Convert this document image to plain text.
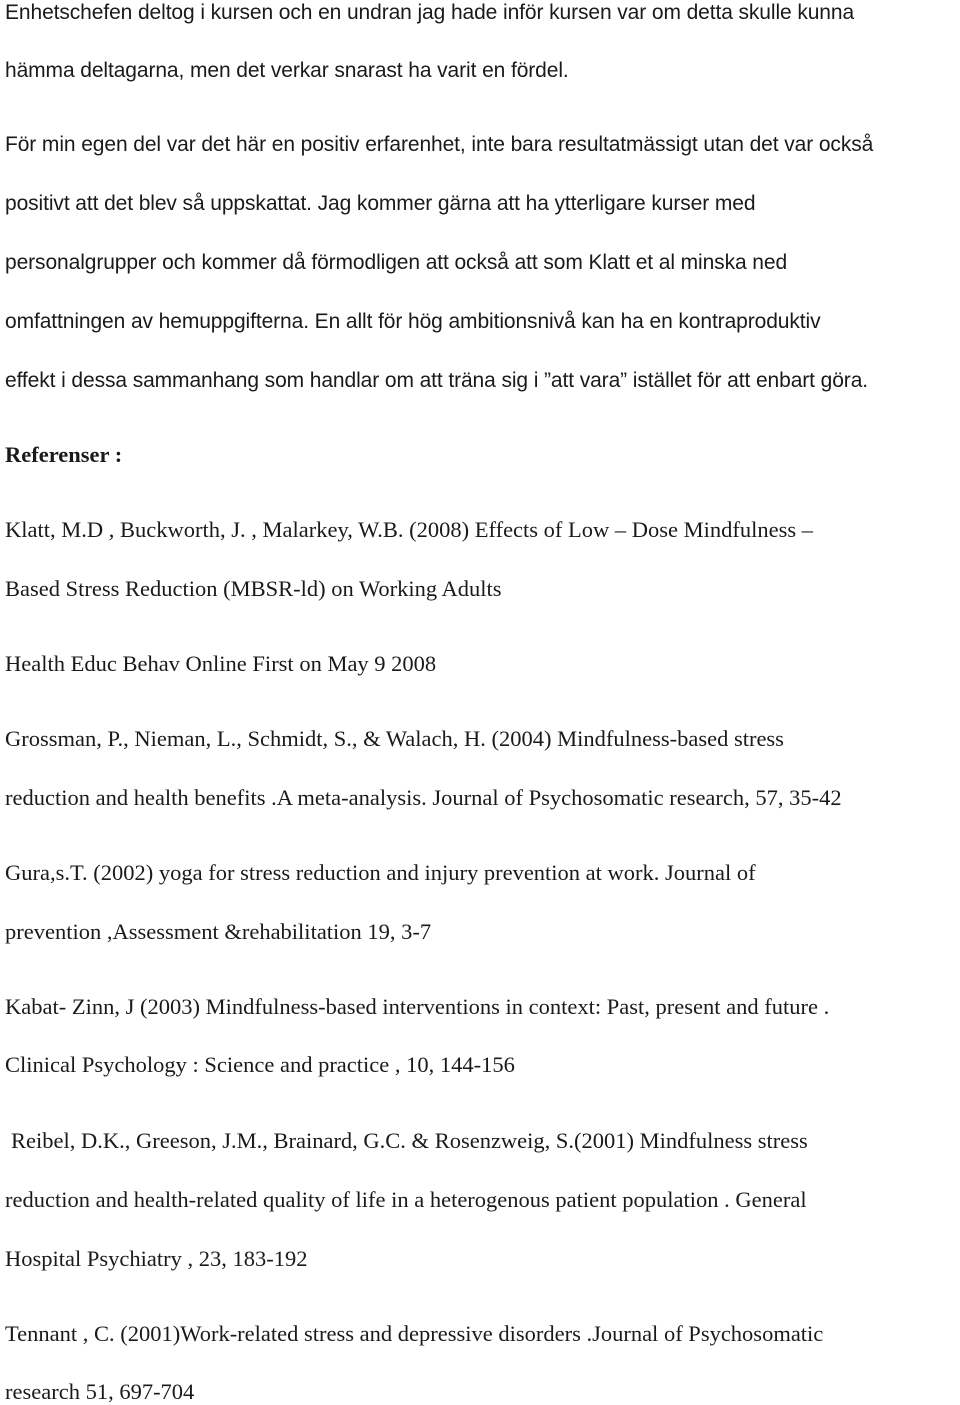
Enhetschefen deltog i kursen och en undran jag hade inför kursen var om detta skulle kunna
hämma deltagarna, men det verkar snarast ha varit en fördel.
För min egen del var det här en positiv erfarenhet, inte bara resultatmässigt utan det var också
positivt att det blev så uppskattat. Jag kommer gärna att ha ytterligare kurser med
personalgrupper och kommer då förmodligen att också att som Klatt et al minska ned
omfattningen av hemuppgifterna. En allt för hög ambitionsnivå kan ha en kontraproduktiv
effekt i dessa sammanhang som handlar om att träna sig i ”att vara” istället för att enbart göra.
Referenser :
Klatt, M.D , Buckworth, J. , Malarkey, W.B. (2008) Effects of Low – Dose Mindfulness –
Based Stress Reduction (MBSR-ld) on Working Adults
Health Educ Behav Online First on May 9 2008
Grossman, P., Nieman, L., Schmidt, S., & Walach, H. (2004) Mindfulness-based stress
reduction and health benefits .A meta-analysis. Journal of Psychosomatic research, 57, 35-42
Gura,s.T. (2002) yoga for stress reduction and injury prevention at work. Journal of
prevention ,Assessment &rehabilitation 19, 3-7
Kabat- Zinn, J (2003) Mindfulness-based interventions in context: Past, present and future .
Clinical Psychology : Science and practice , 10, 144-156
Reibel, D.K., Greeson, J.M., Brainard, G.C. & Rosenzweig, S.(2001) Mindfulness stress
reduction and health-related quality of life in a heterogenous patient population . General
Hospital Psychiatry , 23, 183-192
Tennant , C. (2001)Work-related stress and depressive disorders .Journal of Psychosomatic
research 51, 697-704
